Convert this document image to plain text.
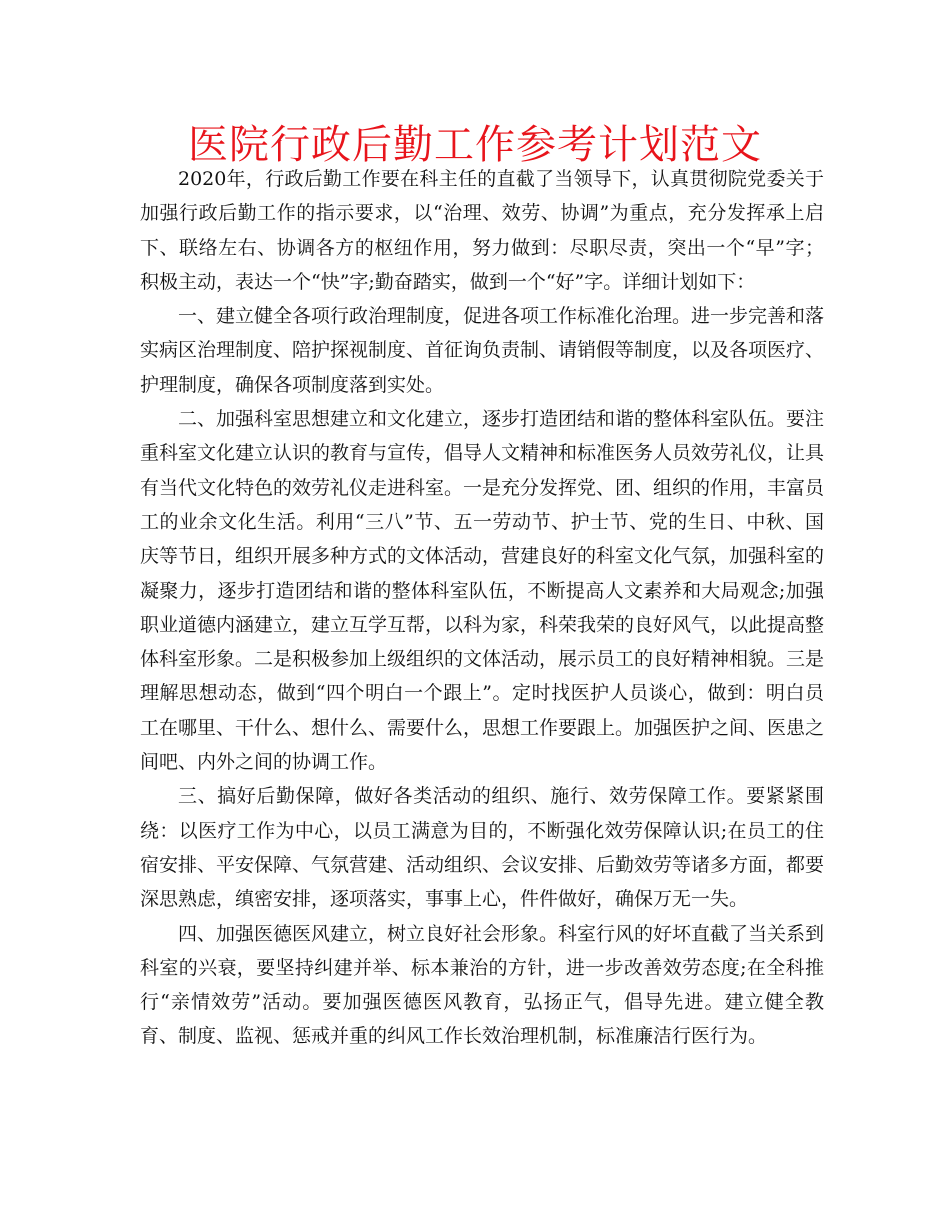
医院行政后勤工作参考计划范文

2020年，行政后勤工作要在科主任的直截了当领导下，认真贯彻院党委关于加强行政后勤工作的指示要求，以“治理、效劳、协调”为重点，充分发挥承上启下、联络左右、协调各方的枢纽作用，努力做到：尽职尽责，突出一个“早”字；积极主动，表达一个“快”字;勤奋踏实，做到一个“好”字。详细计划如下：

一、建立健全各项行政治理制度，促进各项工作标准化治理。进一步完善和落实病区治理制度、陪护探视制度、首征询负责制、请销假等制度，以及各项医疗、护理制度，确保各项制度落到实处。

二、加强科室思想建立和文化建立，逐步打造团结和谐的整体科室队伍。要注重科室文化建立认识的教育与宣传，倡导人文精神和标准医务人员效劳礼仪，让具有当代文化特色的效劳礼仪走进科室。一是充分发挥党、团、组织的作用，丰富员工的业余文化生活。利用“三八”节、五一劳动节、护士节、党的生日、中秋、国庆等节日，组织开展多种方式的文体活动，营建良好的科室文化气氛，加强科室的凝聚力，逐步打造团结和谐的整体科室队伍，不断提高人文素养和大局观念;加强职业道德内涵建立，建立互学互帮，以科为家，科荣我荣的良好风气，以此提高整体科室形象。二是积极参加上级组织的文体活动，展示员工的良好精神相貌。三是理解思想动态，做到“四个明白一个跟上”。定时找医护人员谈心，做到：明白员工在哪里、干什么、想什么、需要什么，思想工作要跟上。加强医护之间、医患之间吧、内外之间的协调工作。

三、搞好后勤保障，做好各类活动的组织、施行、效劳保障工作。要紧紧围绕：以医疗工作为中心，以员工满意为目的，不断强化效劳保障认识;在员工的住宿安排、平安保障、气氛营建、活动组织、会议安排、后勤效劳等诸多方面，都要深思熟虑，缜密安排，逐项落实，事事上心，件件做好，确保万无一失。

四、加强医德医风建立，树立良好社会形象。科室行风的好坏直截了当关系到科室的兴衰，要坚持纠建并举、标本兼治的方针，进一步改善效劳态度;在全科推行“亲情效劳”活动。要加强医德医风教育，弘扬正气，倡导先进。建立健全教育、制度、监视、惩戒并重的纠风工作长效治理机制，标准廉洁行医行为。
